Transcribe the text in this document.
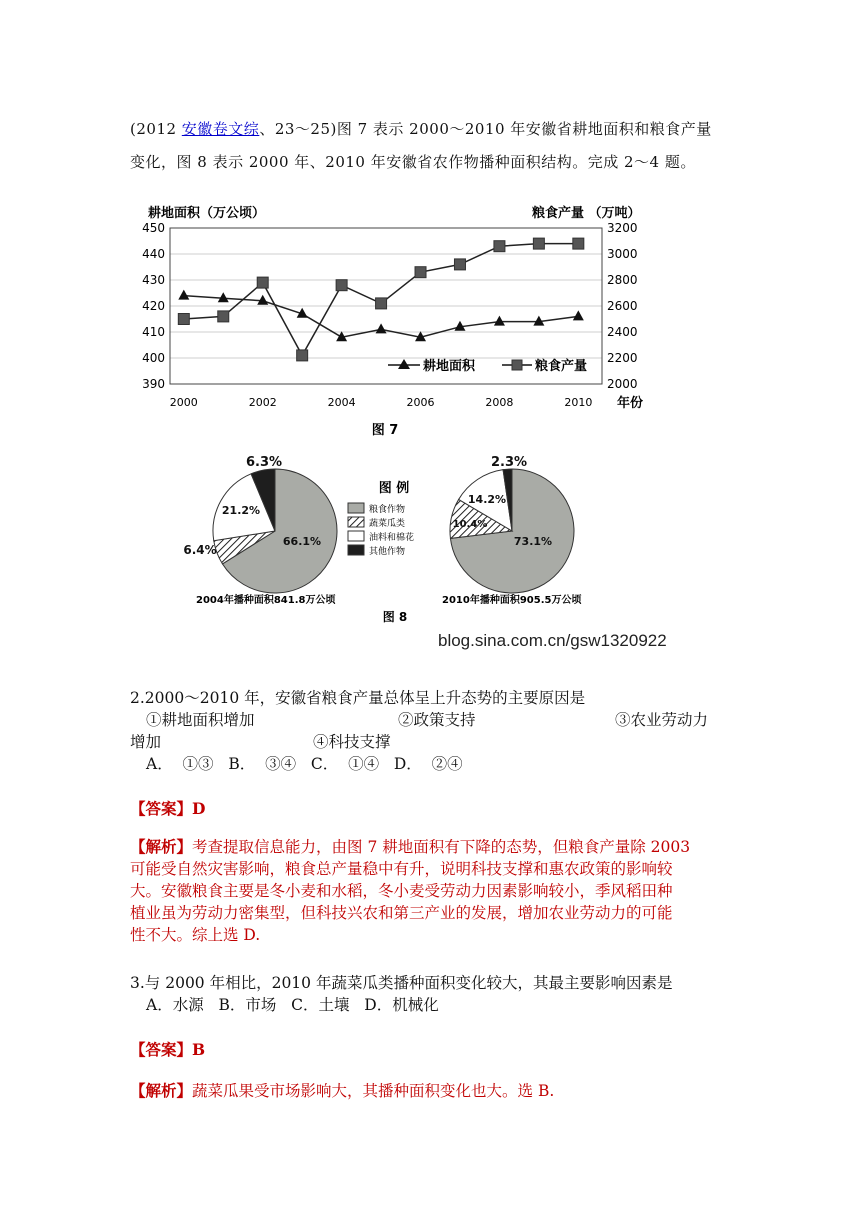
(2012 安徽卷文综、23～25)图 7 表示 2000～2010 年安徽省耕地面积和粮食产量
变化，图 8 表示 2000 年、2010 年安徽省农作物播种面积结构。完成 2～4 题。
耕地面积（万公顷）	粮食产量 （万吨）
390
400
410
420
430
440
450
2000
2200
2400
2600
2800
3000
3200
2000	2002	2004	2006	2008	2010 年份
耕地面积	粮食产量
图 7
66.1%
6.4%
21.2%
6.3%
73.1%
10.4%
14.2%
2.3%
图 例
粮食作物
蔬菜瓜类
油料和棉花
其他作物
2004年播种面积841.8万公顷	2010年播种面积905.5万公顷
图 8
blog.sina.com.cn/gsw1320922
2.2000～2010 年，安徽省粮食产量总体呈上升态势的主要原因是
①耕地面积增加	②政策支持	③农业劳动力
增加	④科技支撑
A．  ①③   B．  ③④   C．  ①④   D．  ②④
【答案】D
【解析】考查提取信息能力，由图 7 耕地面积有下降的态势，但粮食产量除 2003
可能受自然灾害影响，粮食总产量稳中有升，说明科技支撑和惠农政策的影响较
大。安徽粮食主要是冬小麦和水稻，冬小麦受劳动力因素影响较小，季风稻田种
植业虽为劳动力密集型，但科技兴农和第三产业的发展，增加农业劳动力的可能
性不大。综上选 D.
3.与 2000 年相比，2010 年蔬菜瓜类播种面积变化较大，其最主要影响因素是
A．水源   B．市场   C．土壤   D．机械化
【答案】B
【解析】蔬菜瓜果受市场影响大，其播种面积变化也大。选 B.
